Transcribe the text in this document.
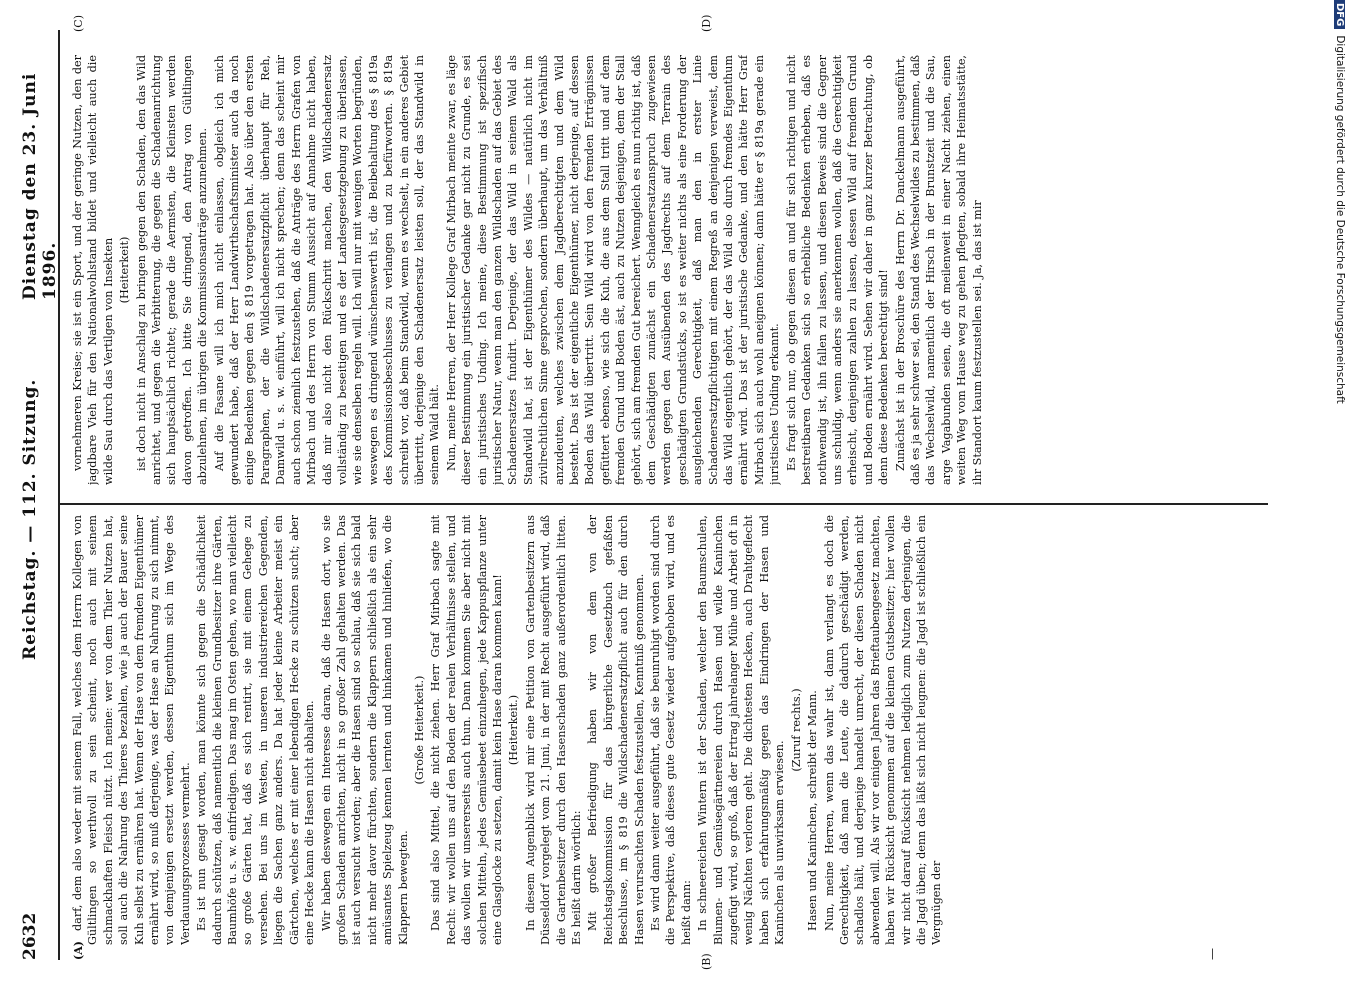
2632
Reichstag. — 112. Sitzung.
Dienstag den 23. Juni 1896.
(A)
(B)
(C)	(D)

darf, dem also weder mit seinem Fall, welches dem Herrn Kollegen von Gültlingen so werthvoll zu sein scheint, noch auch mit seinem schmackhaften Fleisch nützt. Ich meine: wer von dem Thier Nutzen hat, soll auch die Nahrung des Thieres bezahlen, wie ja auch der Bauer seine Kuh selbst zu ernähren hat. Wenn der Hase von dem fremden Eigenthümer ernährt wird, so muß derjenige, was der Hase an Nahrung zu sich nimmt, von demjenigen ersetzt werden, dessen Eigenthum sich im Wege des Verdauungsprozesses vermehrt. Es ist nun gesagt worden, man könnte sich gegen die Schädlichkeit dadurch schützen, daß namentlich die kleinen Grundbesitzer ihre Gärten, Baumhöfe u. s. w. einfriedigen. Das mag im Osten gehen, wo man vielleicht so große Gärten hat, daß es sich rentirt, sie mit einem Gehege zu versehen. Bei uns im Westen, in unseren industriereichen Gegenden, liegen die Sachen ganz anders. Da hat jeder kleine Arbeiter meist ein Gärtchen, welches er mit einer lebendigen Hecke zu schützen sucht; aber eine Hecke kann die Hasen nicht abhalten. Wir haben deswegen ein Interesse daran, daß die Hasen dort, wo sie großen Schaden anrichten, nicht in so großer Zahl gehalten werden. Das ist auch versucht worden; aber die Hasen sind so schlau, daß sie sich bald nicht mehr davor fürchten, sondern die Klappern schließlich als ein sehr amüsantes Spielzeug kennen lernten und hinkamen und hinliefen, wo die Klappern bewegten.

(Große Heiterkeit.) Das sind also Mittel, die nicht ziehen. Herr Graf Mirbach sagte mit Recht: wir wollen uns auf den Boden der realen Verhältnisse stellen, und das wollen wir unsererseits auch thun. Dann kommen Sie aber nicht mit solchen Mitteln, jedes Gemüsebeet einzuhegen, jede Kappuspflanze unter eine Glasglocke zu setzen, damit kein Hase daran kommen kann! (Heiterkeit.) In diesem Augenblick wird mir eine Petition von Gartenbesitzern aus Düsseldorf vorgelegt vom 21. Juni, in der mit Recht ausgeführt wird, daß die Gartenbesitzer durch den Hasenschaden ganz außerordentlich litten. Es heißt darin wörtlich: Mit großer Befriedigung haben wir von dem von der Reichstagskommission für das bürgerliche Gesetzbuch gefaßten Beschlusse, im § 819 die Wildschadenersatzpflicht auch für den durch Hasen verursachten Schaden festzustellen, Kenntniß genommen. Es wird dann weiter ausgeführt, daß sie beunruhigt worden sind durch die Perspektive, daß dieses gute Gesetz wieder aufgehoben wird, und es heißt dann: In schneereichen Wintern ist der Schaden, welcher den Baumschulen, Blumen- und Gemüsegärtnereien durch Hasen und wilde Kaninchen zugefügt wird, so groß, daß der Ertrag jahrelanger Mühe und Arbeit oft in wenig Nächten verloren geht. Die dichtesten Hecken, auch Drahtgeflecht haben sich erfahrungsmäßig gegen das Eindringen der Hasen und Kaninchen als unwirksam erwiesen.

(Zuruf rechts.) Hasen und Kaninchen, schreibt der Mann. Nun, meine Herren, wenn das wahr ist, dann verlangt es doch die Gerechtigkeit, daß man die Leute, die dadurch geschädigt werden, schadlos hält, und derjenige handelt unrecht, der diesen Schaden nicht abwenden will. Als wir vor einigen Jahren das Brieftaubengesetz machten, haben wir Rücksicht genommen auf die kleinen Gutsbesitzer; hier wollen wir nicht darauf Rücksicht nehmen lediglich zum Nutzen derjenigen, die die Jagd üben; denn das läßt sich nicht leugnen: die Jagd ist schließlich ein Vergnügen der

vornehmeren Kreise; sie ist ein Sport, und der geringe Nutzen, den der jagdbare Vieh für den Nationalwohlstand bildet und vielleicht auch die wilde Sau durch das Vertilgen von Insekten (Heiterkeit) ist doch nicht in Anschlag zu bringen gegen den Schaden, den das Wild anrichtet, und gegen die Verbitterung, die gegen die Schadenanrichtung sich hauptsächlich richtet; gerade die Aermsten, die Kleinsten werden davon getroffen. Ich bitte Sie dringend, den Antrag von Gültlingen abzulehnen, im übrigen die Kommissionsanträge anzunehmen. Auf die Fasane will ich mich nicht einlassen, obgleich ich mich gewundert habe, daß der Herr Landwirthschaftsminister auch da noch einige Bedenken gegen den § 819 vorgetragen hat. Also über den ersten Paragraphen, der die Wildschadenersatzpflicht überhaupt für Reh, Damwild u. s. w. einführt, will ich nicht sprechen; denn das scheint mir auch schon ziemlich festzustehen, daß die Anträge des Herrn Grafen von Mirbach und des Herrn von Stumm Aussicht auf Annahme nicht haben, daß mir also nicht den Rückschritt machen, den Wildschadenersatz vollständig zu beseitigen und es der Landesgesetzgebung zu überlassen, wie sie denselben regeln will. Ich will nur mit wenigen Worten begründen, weswegen es dringend wünschenswerth ist, die Beibehaltung des § 819a des Kommissionsbeschlusses zu verlangen und zu befürworten. § 819a schreibt vor, daß beim Standwild, wenn es wechselt, in ein anderes Gebiet übertritt, derjenige den Schadenersatz leisten soll, der das Standwild in seinem Wald hält. Nun, meine Herren, der Herr Kollege Graf Mirbach meinte zwar, es läge dieser Bestimmung ein juristischer Gedanke gar nicht zu Grunde, es sei ein juristisches Unding. Ich meine, diese Bestimmung ist spezifisch juristischer Natur, wenn man den ganzen Wildschaden auf das Gebiet des Schadenersatzes fundirt. Derjenige, der das Wild in seinem Wald als Standwild hat, ist der Eigenthümer des Wildes — natürlich nicht im zivilrechtlichen Sinne gesprochen, sondern überhaupt, um das Verhältniß anzudeuten, welches zwischen dem Jagdberechtigten und dem Wild besteht. Das ist der eigentliche Eigenthümer, nicht derjenige, auf dessen Boden das Wild übertritt. Sein Wild wird von den fremden Erträgnissen gefüttert ebenso, wie sich die Kuh, die aus dem Stall tritt und auf dem fremden Grund und Boden äst, auch zu Nutzen desjenigen, dem der Stall gehört, sich am fremden Gut bereichert. Wenngleich es nun richtig ist, daß dem Geschädigten zunächst ein Schadenersatzanspruch zugewiesen werden gegen den Ausübenden des Jagdrechts auf dem Terrain des geschädigten Grundstücks, so ist es weiter nichts als eine Forderung der ausgleichenden Gerechtigkeit, daß man den in erster Linie Schadenersatzpflichtigen mit einem Regreß an denjenigen verweist, dem das Wild eigentlich gehört, der das Wild also durch fremdes Eigenthum ernährt wird. Das ist der juristische Gedanke, und den hätte Herr Graf Mirbach sich auch wohl aneignen können; dann hätte er § 819a gerade ein juristisches Unding erkannt. Es fragt sich nur, ob gegen diesen an und für sich richtigen und nicht bestreitbaren Gedanken sich so erhebliche Bedenken erheben, daß es nothwendig ist, ihn fallen zu lassen, und diesen Beweis sind die Gegner uns schuldig, wenn anders sie anerkennen wollen, daß die Gerechtigkeit erheischt, denjenigen zahlen zu lassen, dessen Wild auf fremdem Grund und Boden ernährt wird. Sehen wir daher in ganz kurzer Betrachtung, ob denn diese Bedenken berechtigt sind! Zunächst ist in der Broschüre des Herrn Dr. Danckelmann ausgeführt, daß es ja sehr schwer sei, den Stand des Wechselwildes zu bestimmen, daß das Wechselwild, namentlich der Hirsch in der Brunstzeit und die Sau, arge Vagabunden seien, die oft meilenweit in einer Nacht ziehen, einen weiten Weg vom Hause weg zu gehen pflegten, sobald ihre Heimatsstätte, ihr Standort kaum festzustellen sei. Ja, das ist mir

—
DFGDigitalisierung gefördert durch die Deutsche Forschungsgemeinschaft
